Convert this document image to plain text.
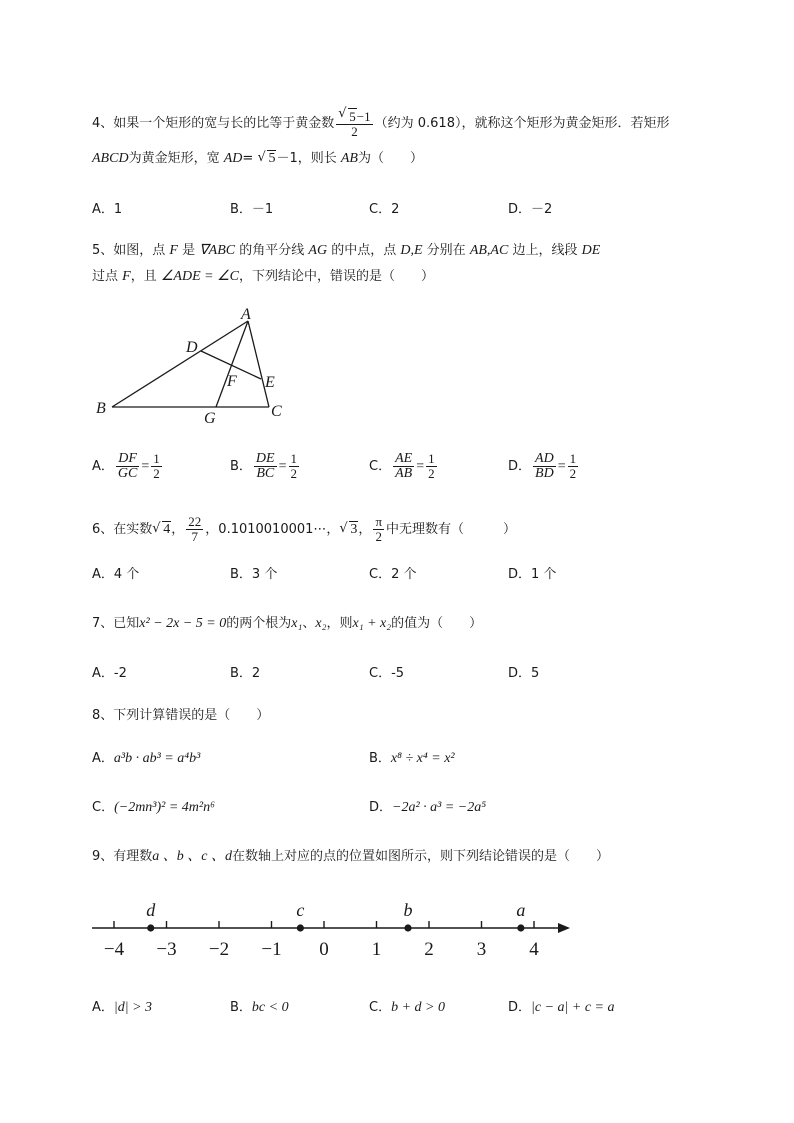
4、如果一个矩形的宽与长的比等于黄金数 √ $\frac{5-1}{2}$ （约为 0.618），就称这个矩形为黄金矩形．若矩形
ABCD为黄金矩形，宽 AD= √ 5－1，则长 AB为（　　）
A．1	B．－1	C．2	D．－2
5、如图，点 F 是 ∇ABC 的角平分线 AG 的中点，点 D,E 分别在 AB,AC 边上，线段 DE
过点 F，且 ∠ADE = ∠C，下列结论中，错误的是（　　）
A
B	C
D
E
F
G
A． $\frac{DF}{GC} = \frac{1}{2}$	B． $\frac{DE}{BC} = \frac{1}{2}$	C． $\frac{AE}{AB} = \frac{1}{2}$	D． $\frac{AD}{BD} = \frac{1}{2}$
6、在实数 √ 4， $\frac{22}{7}$ ，0.1010010001⋯， √ 3， $\frac{\pi}{2}$ 中无理数有（　　　）
A．4 个	B．3 个	C．2 个	D．1 个
7、已知x² − 2x − 5 = 0的两个根为x₁、x₂，则x₁ + x₂的值为（　　）
A．-2	B．2	C．-5	D．5
8、下列计算错误的是（　　）
A．a³b · ab³ = a⁴b³	B．x⁸ ÷ x⁴ = x²
C．(−2mn³)² = 4m²n⁶	D．−2a² · a³ = −2a⁵
9、有理数a 、b 、c 、d在数轴上对应的点的位置如图所示，则下列结论错误的是（　　）
−4 −3 −2 −1 0 1 2 3 4
d	c	b	a
A．|d| > 3	B．bc < 0	C．b + d > 0	D．|c − a| + c = a
